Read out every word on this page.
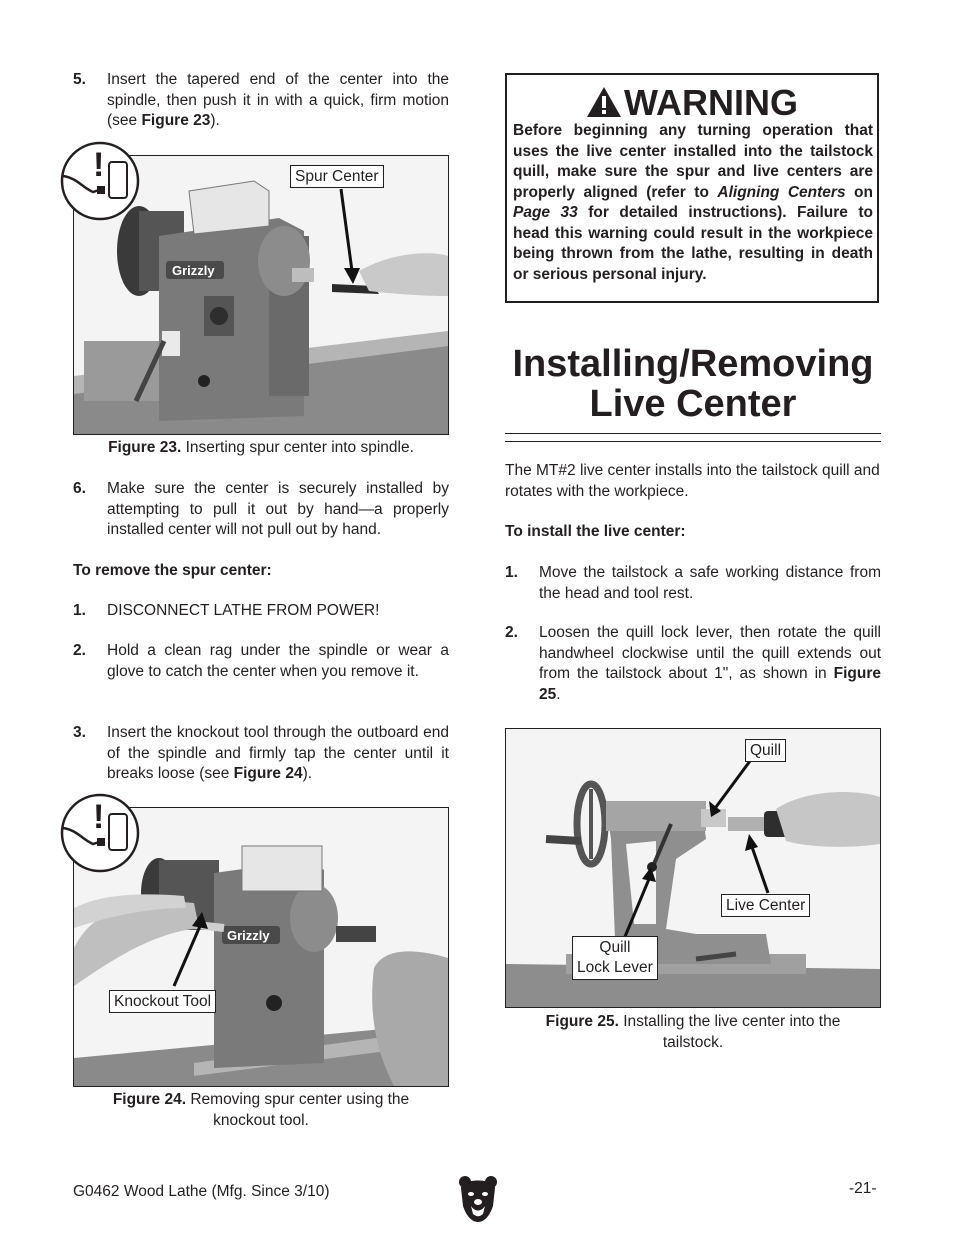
5. Insert the tapered end of the center into the spindle, then push it in with a quick, firm motion (see Figure 23).
Grizzly
Spur Center
!
Figure 23. Inserting spur center into spindle.
6. Make sure the center is securely installed by attempting to pull it out by hand—a properly installed center will not pull out by hand.
To remove the spur center:
1. DISCONNECT LATHE FROM POWER!
2. Hold a clean rag under the spindle or wear a glove to catch the center when you remove it.
3. Insert the knockout tool through the outboard end of the spindle and firmly tap the center until it breaks loose (see Figure 24).
Grizzly
Knockout Tool
!
Figure 24. Removing spur center using the knockout tool.
WARNING
Before beginning any turning operation that uses the live center installed into the tailstock quill, make sure the spur and live centers are properly aligned (refer to Aligning Centers on Page 33 for detailed instructions). Failure to head this warning could result in the workpiece being thrown from the lathe, resulting in death or serious personal injury.
Installing/Removing
Live Center
The MT#2 live center installs into the tailstock quill and rotates with the workpiece.
To install the live center:
1. Move the tailstock a safe working distance from the head and tool rest.
2. Loosen the quill lock lever, then rotate the quill handwheel clockwise until the quill extends out from the tailstock about 1", as shown in Figure 25.
Quill
Live Center
Quill
Lock Lever
Figure 25. Installing the live center into the tailstock.
G0462 Wood Lathe (Mfg. Since 3/10)	-21-
